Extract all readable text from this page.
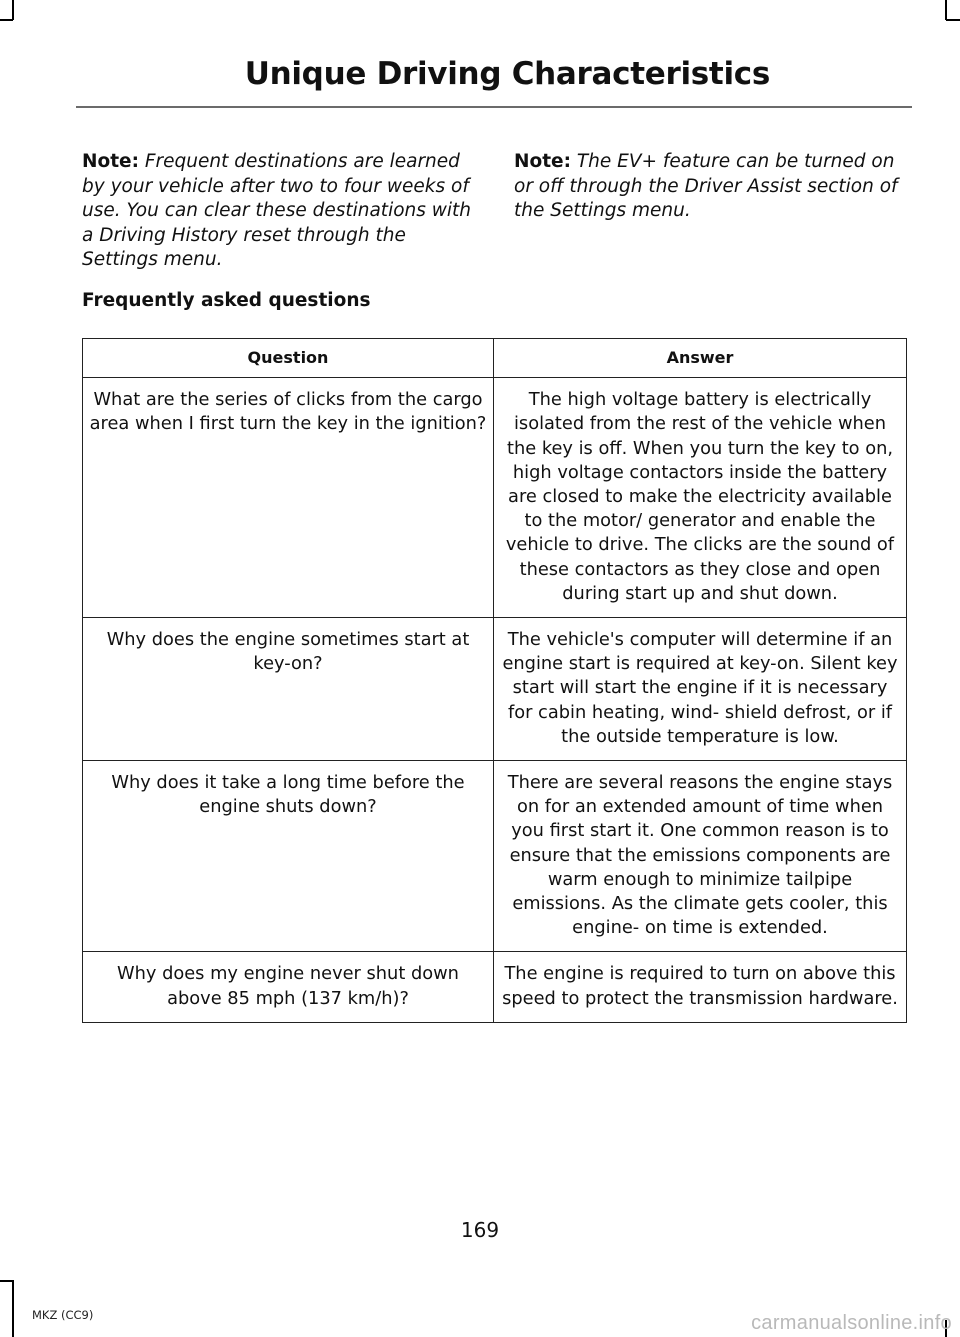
Unique Driving Characteristics

Note: Frequent destinations are learned by your vehicle after two to four weeks of use. You can clear these destinations with a Driving History reset through the Settings menu.

Note: The EV+ feature can be turned on or off through the Driver Assist section of the Settings menu.

Frequently asked questions
Question	Answer
What are the series of clicks from the cargo area when I first turn the key in the ignition?	The high voltage battery is electrically isolated from the rest of the vehicle when the key is off. When you turn the key to on, high voltage contactors inside the battery are closed to make the electricity available to the motor/ generator and enable the vehicle to drive. The clicks are the sound of these contactors as they close and open during start up and shut down.
Why does the engine sometimes start at key-on?	The vehicle's computer will determine if an engine start is required at key-on. Silent key start will start the engine if it is necessary for cabin heating, wind- shield defrost, or if the outside temperature is low.
Why does it take a long time before the engine shuts down?	There are several reasons the engine stays on for an extended amount of time when you first start it. One common reason is to ensure that the emissions components are warm enough to minimize tailpipe emissions. As the climate gets cooler, this engine- on time is extended.
Why does my engine never shut down above 85 mph (137 km/h)?	The engine is required to turn on above this speed to protect the transmission hardware.

169

MKZ (CC9)	carmanualsonline.info
